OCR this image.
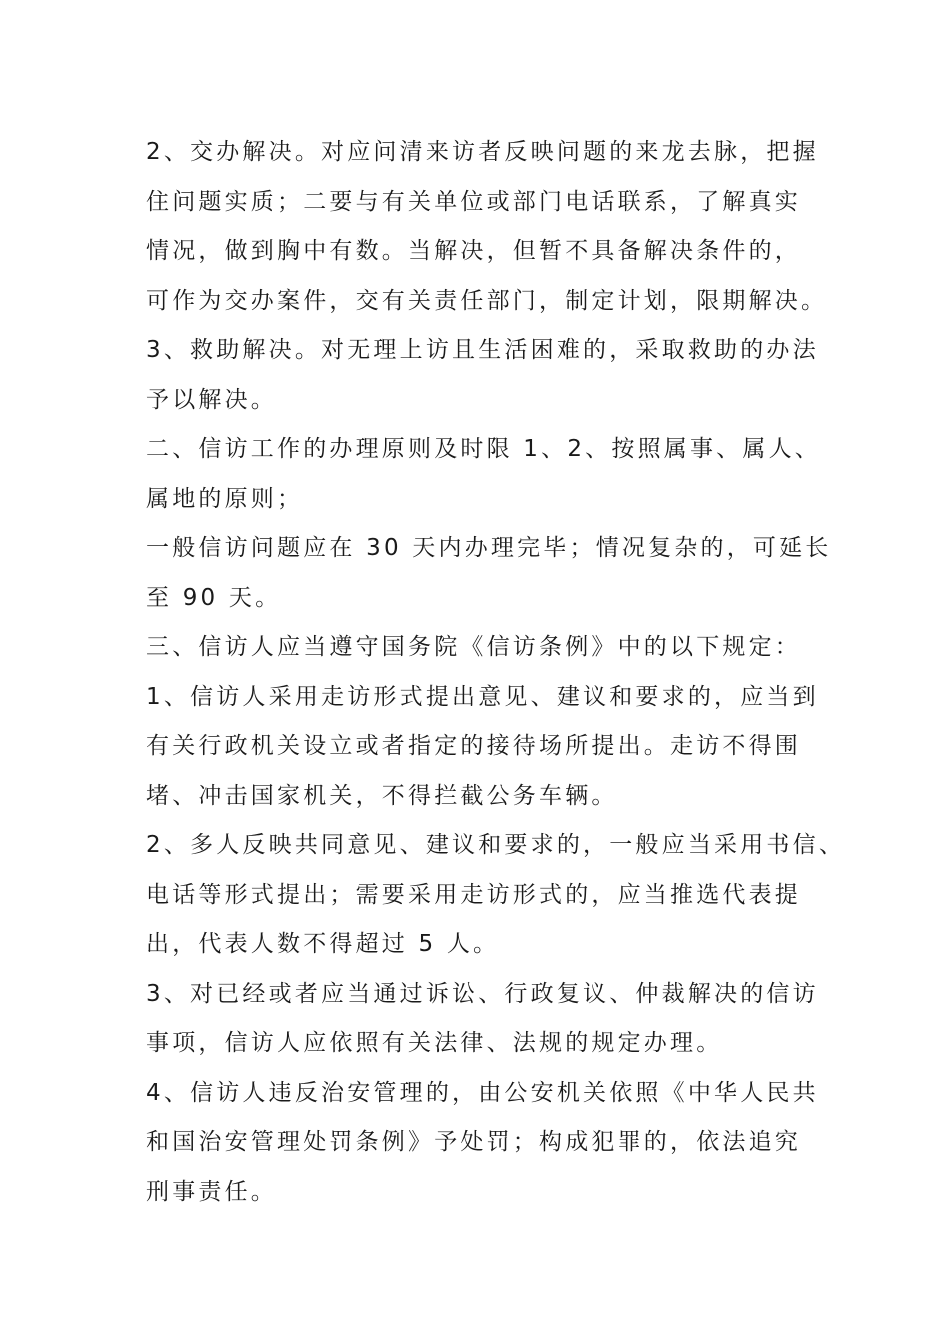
2、交办解决。对应问清来访者反映问题的来龙去脉，把握
住问题实质；二要与有关单位或部门电话联系，了解真实
情况，做到胸中有数。当解决，但暂不具备解决条件的，
可作为交办案件，交有关责任部门，制定计划，限期解决。
3、救助解决。对无理上访且生活困难的，采取救助的办法
予以解决。
二、信访工作的办理原则及时限 1、2、按照属事、属人、
属地的原则；
一般信访问题应在 30 天内办理完毕；情况复杂的，可延长
至 90 天。
三、信访人应当遵守国务院《信访条例》中的以下规定：
1、信访人采用走访形式提出意见、建议和要求的，应当到
有关行政机关设立或者指定的接待场所提出。走访不得围
堵、冲击国家机关，不得拦截公务车辆。
2、多人反映共同意见、建议和要求的，一般应当采用书信、
电话等形式提出；需要采用走访形式的，应当推选代表提
出，代表人数不得超过 5 人。
3、对已经或者应当通过诉讼、行政复议、仲裁解决的信访
事项，信访人应依照有关法律、法规的规定办理。
4、信访人违反治安管理的，由公安机关依照《中华人民共
和国治安管理处罚条例》予处罚；构成犯罪的，依法追究
刑事责任。
